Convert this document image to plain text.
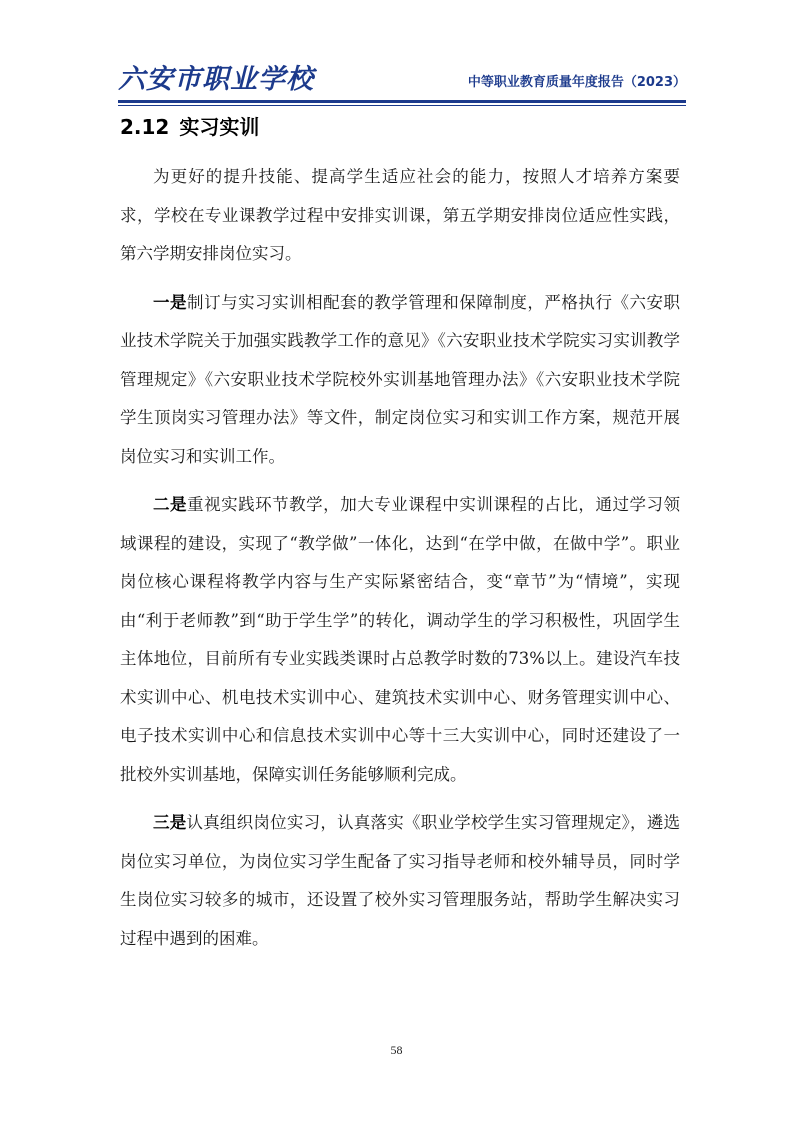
六安市职业学校	中等职业教育质量年度报告（2023）
2.12 实习实训

为更好的提升技能、提高学生适应社会的能力，按照人才培养方案要求，学校在专业课教学过程中安排实训课，第五学期安排岗位适应性实践，第六学期安排岗位实习。

一是制订与实习实训相配套的教学管理和保障制度，严格执行《六安职业技术学院关于加强实践教学工作的意见》《六安职业技术学院实习实训教学管理规定》《六安职业技术学院校外实训基地管理办法》《六安职业技术学院学生顶岗实习管理办法》等文件，制定岗位实习和实训工作方案，规范开展岗位实习和实训工作。

二是重视实践环节教学，加大专业课程中实训课程的占比，通过学习领域课程的建设，实现了“教学做”一体化，达到“在学中做，在做中学”。职业岗位核心课程将教学内容与生产实际紧密结合，变“章节”为“情境”，实现由“利于老师教”到“助于学生学”的转化，调动学生的学习积极性，巩固学生主体地位，目前所有专业实践类课时占总教学时数的73%以上。建设汽车技术实训中心、机电技术实训中心、建筑技术实训中心、财务管理实训中心、电子技术实训中心和信息技术实训中心等十三大实训中心，同时还建设了一批校外实训基地，保障实训任务能够顺利完成。

三是认真组织岗位实习，认真落实《职业学校学生实习管理规定》，遴选岗位实习单位，为岗位实习学生配备了实习指导老师和校外辅导员，同时学生岗位实习较多的城市，还设置了校外实习管理服务站，帮助学生解决实习过程中遇到的困难。

58
